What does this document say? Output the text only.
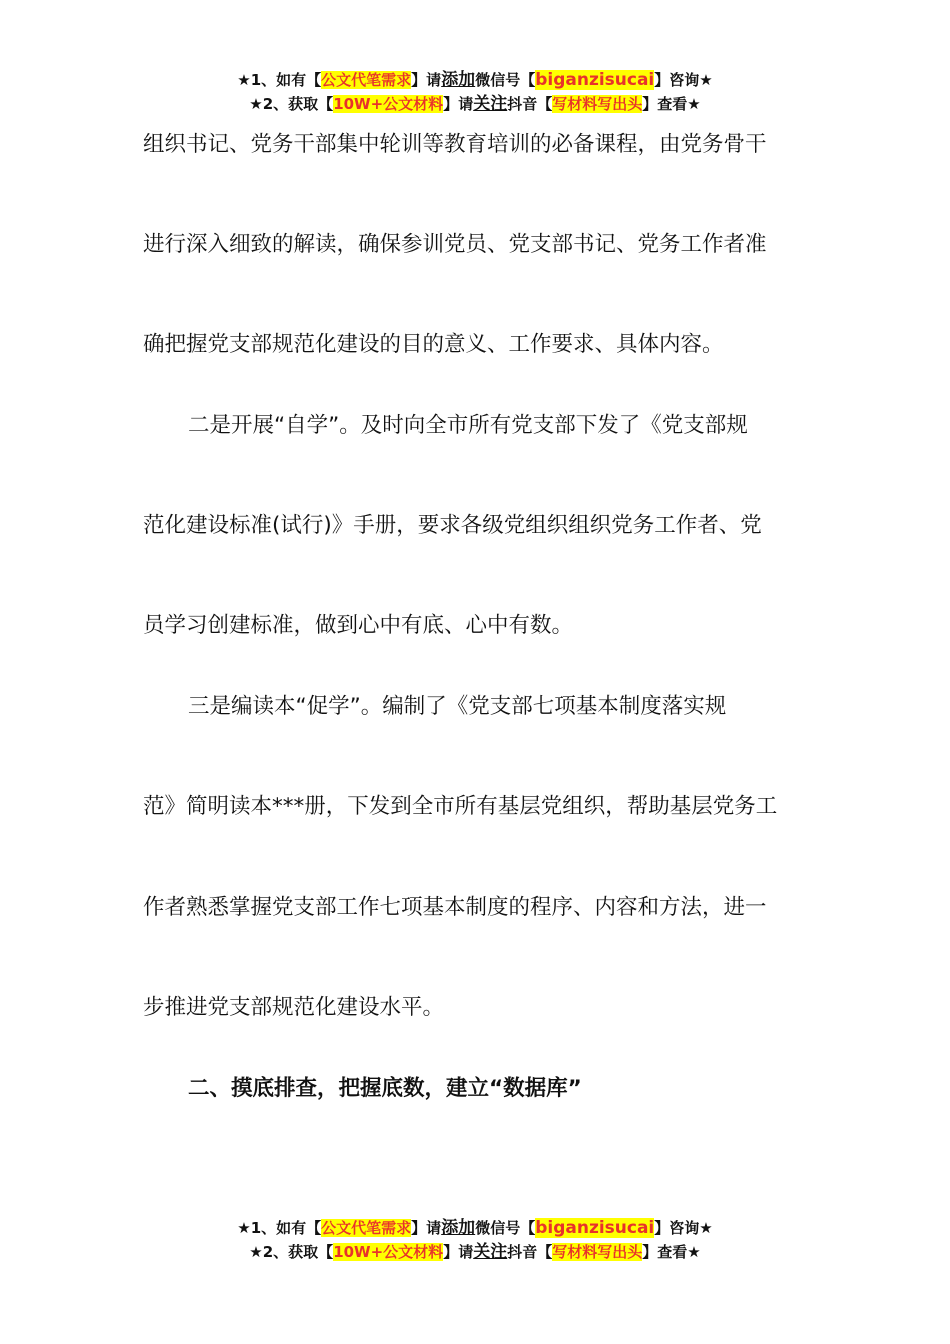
★1、如有【公文代笔需求】请添加微信号【biganzisucai】咨询★
★2、获取【10W+公文材料】请关注抖音【写材料写出头】查看★
组织书记、党务干部集中轮训等教育培训的必备课程，由党务骨干
进行深入细致的解读，确保参训党员、党支部书记、党务工作者准
确把握党支部规范化建设的目的意义、工作要求、具体内容。
二是开展“自学”。及时向全市所有党支部下发了《党支部规
范化建设标准(试行)》手册，要求各级党组织组织党务工作者、党
员学习创建标准，做到心中有底、心中有数。
三是编读本“促学”。编制了《党支部七项基本制度落实规
范》简明读本***册，下发到全市所有基层党组织，帮助基层党务工
作者熟悉掌握党支部工作七项基本制度的程序、内容和方法，进一
步推进党支部规范化建设水平。
二、摸底排查，把握底数，建立“数据库”
★1、如有【公文代笔需求】请添加微信号【biganzisucai】咨询★
★2、获取【10W+公文材料】请关注抖音【写材料写出头】查看★
